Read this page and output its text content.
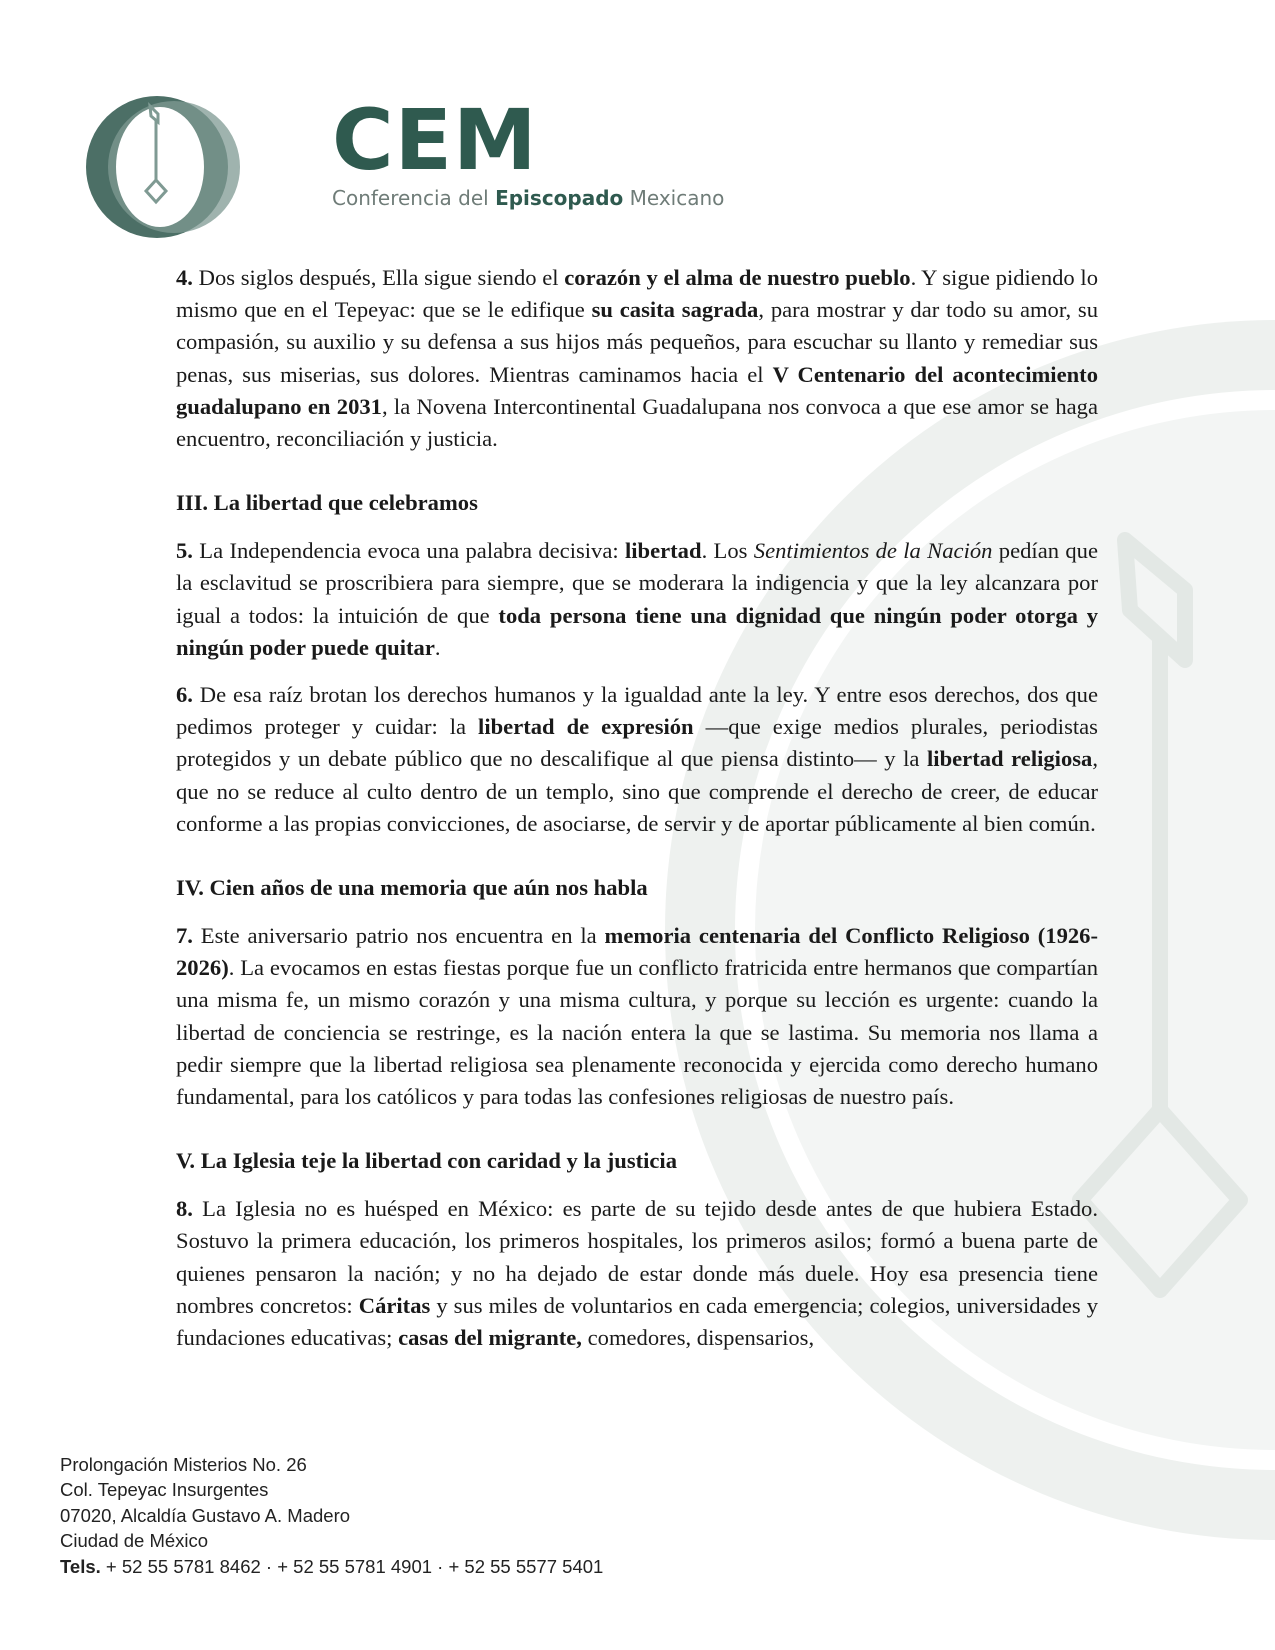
CEM
Conferencia del Episcopado Mexicano

4. Dos siglos después, Ella sigue siendo el corazón y el alma de nuestro pueblo. Y sigue pidiendo lo mismo que en el Tepeyac: que se le edifique su casita sagrada, para mostrar y dar todo su amor, su compasión, su auxilio y su defensa a sus hijos más pequeños, para escuchar su llanto y remediar sus penas, sus miserias, sus dolores. Mientras caminamos hacia el V Centenario del acontecimiento guadalupano en 2031, la Novena Intercontinental Guadalupana nos convoca a que ese amor se haga encuentro, reconciliación y justicia.

III. La libertad que celebramos

5. La Independencia evoca una palabra decisiva: libertad. Los Sentimientos de la Nación pedían que la esclavitud se proscribiera para siempre, que se moderara la indigencia y que la ley alcanzara por igual a todos: la intuición de que toda persona tiene una dignidad que ningún poder otorga y ningún poder puede quitar.

6. De esa raíz brotan los derechos humanos y la igualdad ante la ley. Y entre esos derechos, dos que pedimos proteger y cuidar: la libertad de expresión —que exige medios plurales, periodistas protegidos y un debate público que no descalifique al que piensa distinto— y la libertad religiosa, que no se reduce al culto dentro de un templo, sino que comprende el derecho de creer, de educar conforme a las propias convicciones, de asociarse, de servir y de aportar públicamente al bien común.

IV. Cien años de una memoria que aún nos habla

7. Este aniversario patrio nos encuentra en la memoria centenaria del Conflicto Religioso (1926-2026). La evocamos en estas fiestas porque fue un conflicto fratricida entre hermanos que compartían una misma fe, un mismo corazón y una misma cultura, y porque su lección es urgente: cuando la libertad de conciencia se restringe, es la nación entera la que se lastima. Su memoria nos llama a pedir siempre que la libertad religiosa sea plenamente reconocida y ejercida como derecho humano fundamental, para los católicos y para todas las confesiones religiosas de nuestro país.

V. La Iglesia teje la libertad con caridad y la justicia

8. La Iglesia no es huésped en México: es parte de su tejido desde antes de que hubiera Estado. Sostuvo la primera educación, los primeros hospitales, los primeros asilos; formó a buena parte de quienes pensaron la nación; y no ha dejado de estar donde más duele. Hoy esa presencia tiene nombres concretos: Cáritas y sus miles de voluntarios en cada emergencia; colegios, universidades y fundaciones educativas; casas del migrante, comedores, dispensarios,

Prolongación Misterios No. 26
Col. Tepeyac Insurgentes
07020, Alcaldía Gustavo A. Madero
Ciudad de México
Tels. + 52 55 5781 8462 · + 52 55 5781 4901 · + 52 55 5577 5401
